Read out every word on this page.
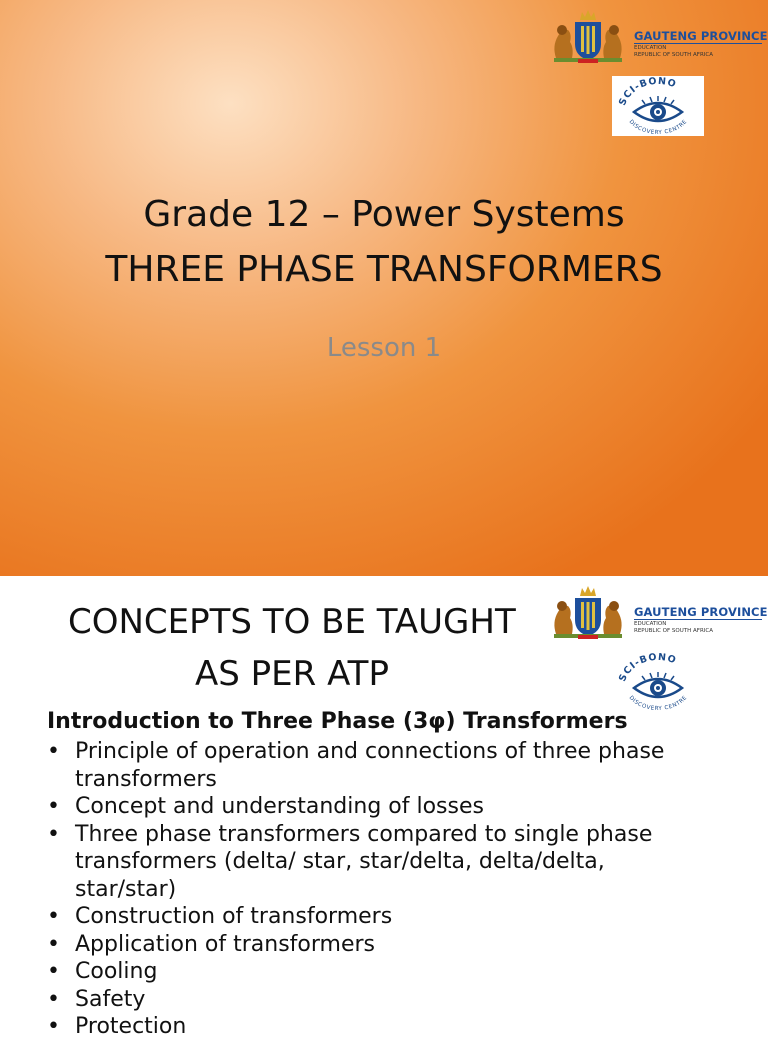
GAUTENG PROVINCE
EDUCATION
REPUBLIC OF SOUTH AFRICA
SCI-BONO
DISCOVERY CENTRE
Grade 12 – Power Systems
THREE PHASE TRANSFORMERS
Lesson 1
GAUTENG PROVINCE
EDUCATION
REPUBLIC OF SOUTH AFRICA
SCI-BONO
DISCOVERY CENTRE
CONCEPTS TO BE TAUGHT
AS PER ATP
Introduction to Three Phase (3φ) Transformers
• Principle of operation and connections of three phase
transformers
• Concept and understanding of losses
• Three phase transformers compared to single phase
transformers (delta/ star, star/delta, delta/delta,
star/star)
• Construction of transformers
• Application of transformers
• Cooling
• Safety
• Protection
